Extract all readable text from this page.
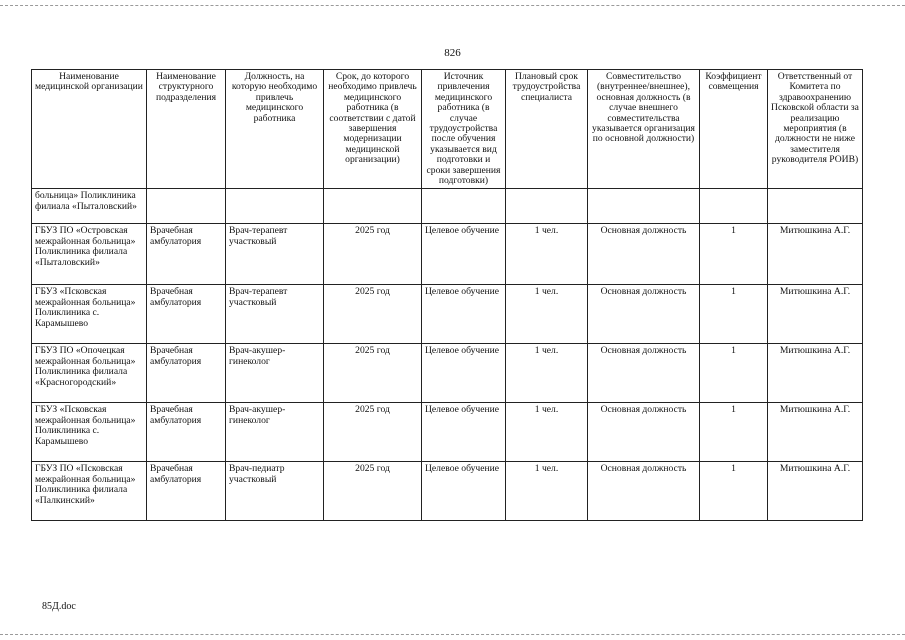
826
Наименование медицинской организации	Наименование структурного подразделения	Должность, на которую необходимо привлечь медицинского работника	Срок, до которого необходимо привлечь медицинского работника (в соответствии с датой завершения модернизации медицинской организации)	Источник привлечения медицинского работника (в случае трудоустройства после обучения указывается вид подготовки и сроки завершения подготовки)	Плановый срок трудоустройства специалиста	Совместительство (внутреннее/внешнее), основная должность (в случае внешнего совместительства указывается организация по основной должности)	Коэффициент совмещения	Ответственный от Комитета по здравоохранению Псковской области за реализацию мероприятия (в должности не ниже заместителя руководителя РОИВ)
больница» Поликлиника филиала «Пыталовский»								
ГБУЗ ПО «Островская межрайонная больница» Поликлиника филиала «Пыталовский»	Врачебная амбулатория	Врач-терапевт участковый	2025 год	Целевое обучение	1 чел.	Основная должность	1	Митюшкина А.Г.
ГБУЗ «Псковская межрайонная больница» Поликлиника с. Карамышево	Врачебная амбулатория	Врач-терапевт участковый	2025 год	Целевое обучение	1 чел.	Основная должность	1	Митюшкина А.Г.
ГБУЗ ПО «Опочецкая межрайонная больница» Поликлиника филиала «Красногородский»	Врачебная амбулатория	Врач-акушер-гинеколог	2025 год	Целевое обучение	1 чел.	Основная должность	1	Митюшкина А.Г.
ГБУЗ «Псковская межрайонная больница» Поликлиника с. Карамышево	Врачебная амбулатория	Врач-акушер-гинеколог	2025 год	Целевое обучение	1 чел.	Основная должность	1	Митюшкина А.Г.
ГБУЗ ПО «Псковская межрайонная больница» Поликлиника филиала «Палкинский»	Врачебная амбулатория	Врач-педиатр участковый	2025 год	Целевое обучение	1 чел.	Основная должность	1	Митюшкина А.Г.
85Д.doc
